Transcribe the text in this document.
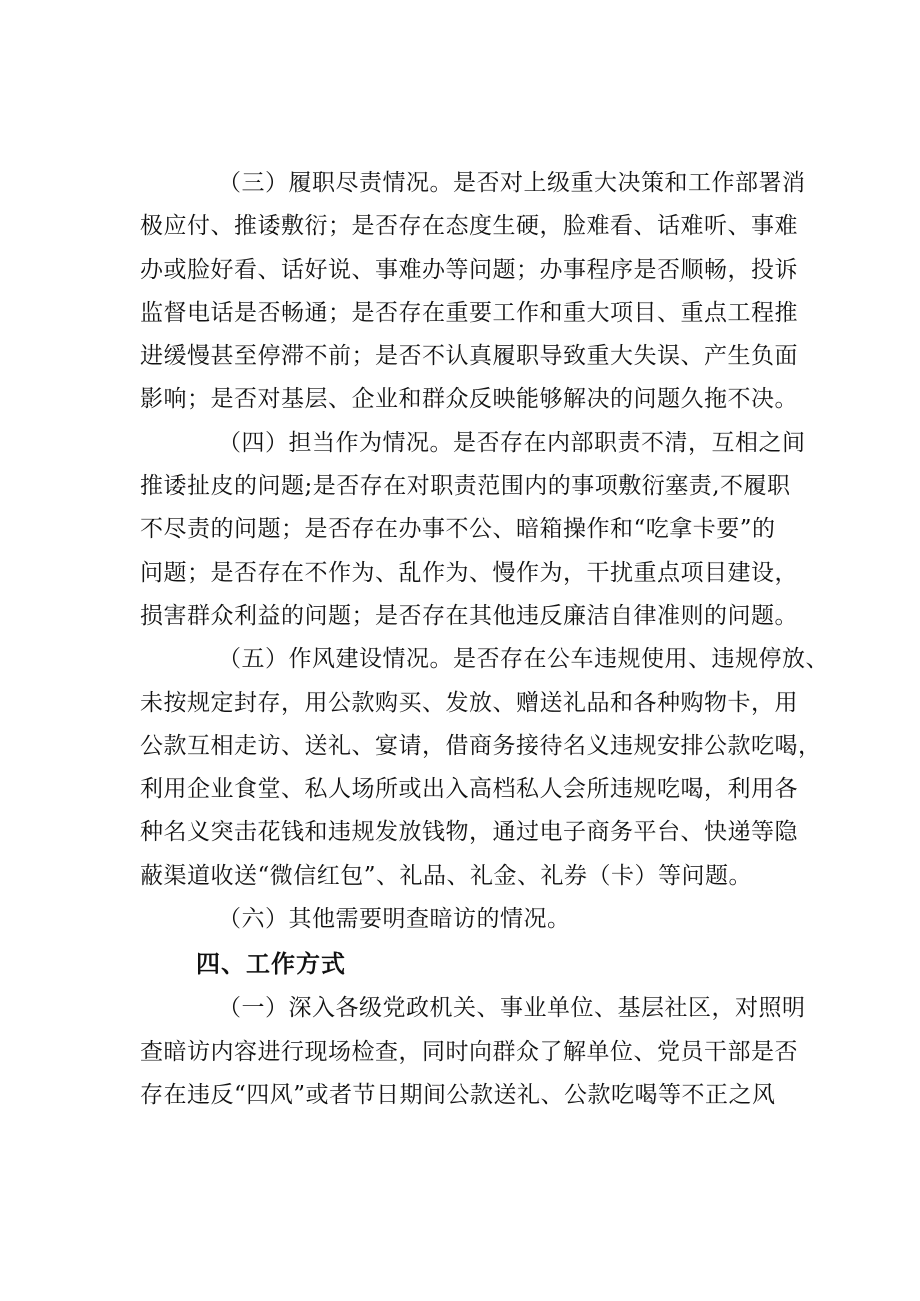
（三）履职尽责情况。是否对上级重大决策和工作部署消
极应付、推诿敷衍；是否存在态度生硬，脸难看、话难听、事难
办或脸好看、话好说、事难办等问题；办事程序是否顺畅，投诉
监督电话是否畅通；是否存在重要工作和重大项目、重点工程推
进缓慢甚至停滞不前；是否不认真履职导致重大失误、产生负面
影响；是否对基层、企业和群众反映能够解决的问题久拖不决。
（四）担当作为情况。是否存在内部职责不清，互相之间
推诿扯皮的问题;是否存在对职责范围内的事项敷衍塞责,不履职
不尽责的问题；是否存在办事不公、暗箱操作和“吃拿卡要”的
问题；是否存在不作为、乱作为、慢作为，干扰重点项目建设，
损害群众利益的问题；是否存在其他违反廉洁自律准则的问题。
（五）作风建设情况。是否存在公车违规使用、违规停放、
未按规定封存，用公款购买、发放、赠送礼品和各种购物卡，用
公款互相走访、送礼、宴请，借商务接待名义违规安排公款吃喝，
利用企业食堂、私人场所或出入高档私人会所违规吃喝，利用各
种名义突击花钱和违规发放钱物，通过电子商务平台、快递等隐
蔽渠道收送“微信红包”、礼品、礼金、礼券（卡）等问题。
（六）其他需要明查暗访的情况。
四、工作方式
（一）深入各级党政机关、事业单位、基层社区，对照明
查暗访内容进行现场检查，同时向群众了解单位、党员干部是否
存在违反“四风”或者节日期间公款送礼、公款吃喝等不正之风
